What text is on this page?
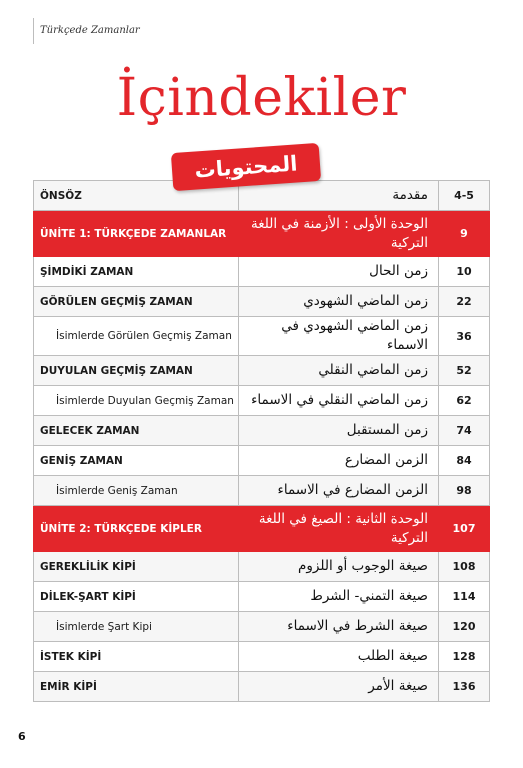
Türkçede Zamanlar
İçindekiler
المحتويات
ÖNSÖZ	مقدمة	4-5
ÜNİTE 1: TÜRKÇEDE ZAMANLAR	الوحدة الأولى : الأزمنة في اللغة التركية	9
ŞİMDİKİ ZAMAN	زمن الحال	10
GÖRÜLEN GEÇMİŞ ZAMAN	زمن الماضي الشهودي	22
İsimlerde Görülen Geçmiş Zaman	زمن الماضي الشهودي في الاسماء	36
DUYULAN GEÇMİŞ ZAMAN	زمن الماضي النقلي	52
İsimlerde Duyulan Geçmiş Zaman	زمن الماضي النقلي في الاسماء	62
GELECEK ZAMAN	زمن المستقبل	74
GENİŞ ZAMAN	الزمن المضارع	84
İsimlerde Geniş Zaman	الزمن المضارع في الاسماء	98
ÜNİTE 2: TÜRKÇEDE KİPLER	الوحدة الثانية : الصيغ في اللغة التركية	107
GEREKLİLİK KİPİ	صيغة الوجوب أو اللزوم	108
DİLEK-ŞART KİPİ	صيغة التمني- الشرط	114
İsimlerde Şart Kipi	صيغة الشرط في الاسماء	120
İSTEK KİPİ	صيغة الطلب	128
EMİR KİPİ	صيغة الأمر	136
6
